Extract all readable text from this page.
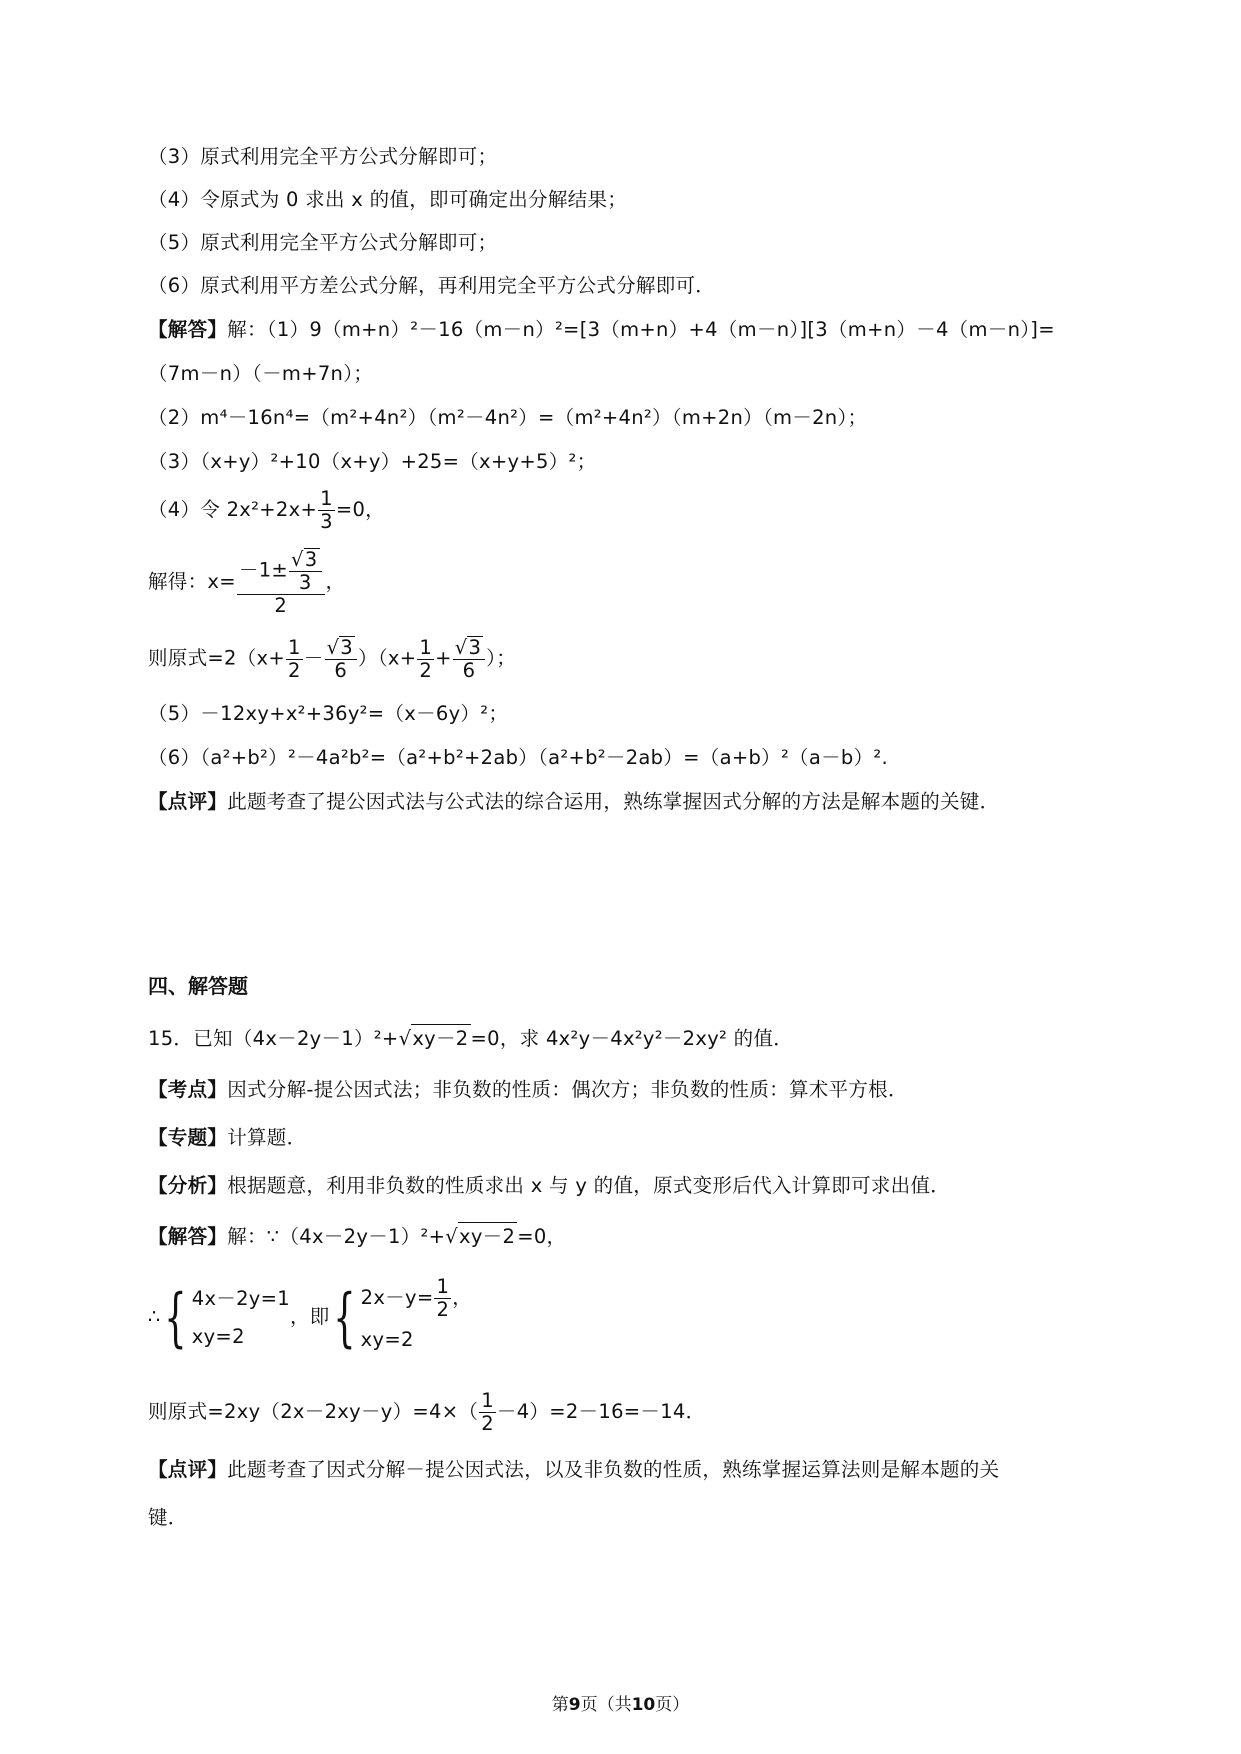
（3）原式利用完全平方公式分解即可；
（4）令原式为 0 求出 x 的值，即可确定出分解结果；
（5）原式利用完全平方公式分解即可；
（6）原式利用平方差公式分解，再利用完全平方公式分解即可．
【解答】解：（1）9（m+n）²－16（m－n）²=[3（m+n）+4（m－n）][3（m+n）－4（m－n）]=
（7m－n）（－m+7n）；
（2）m⁴－16n⁴=（m²+4n²）（m²－4n²）=（m²+4n²）（m+2n）（m－2n）；
（3）（x+y）²+10（x+y）+25=（x+y+5）²；
（4）令 $2x^2+2x+ \frac{1}{3} =0$，
解得：$x= \frac{-1\pm \frac{√3}{3}}{2}$ ，
则原式$=2(x+ \frac{1}{2} - \frac{√3}{6} )(x+ \frac{1}{2} + \frac{√3}{6}$ ）；
（5）－12xy+x²+36y²=（x－6y）²；
（6）（a²+b²）²－4a²b²=（a²+b²+2ab）（a²+b²－2ab）=（a+b）²（a－b）².
【点评】此题考查了提公因式法与公式法的综合运用，熟练掌握因式分解的方法是解本题的关键．
四、解答题
15．已知（4x－2y－1）²+√xy－2 =0，求 4x²y－4x²y²－2xy² 的值．
【考点】因式分解-提公因式法；非负数的性质：偶次方；非负数的性质：算术平方根．
【专题】计算题．
【分析】根据题意，利用非负数的性质求出 x 与 y 的值，原式变形后代入计算即可求出值．
【解答】解：∵（4x－2y－1）²+√xy－2 =0，
∴{ 4x－2y=1
xy=2
，即{ $2x-y= \frac{1}{2}$ ，
xy=2
则原式$=2xy(2x-2xy-y)=4\times( \frac{1}{2} -4)=2-16=-14$．
【点评】此题考查了因式分解－提公因式法，以及非负数的性质，熟练掌握运算法则是解本题的关
键．
第9页（共10页）
